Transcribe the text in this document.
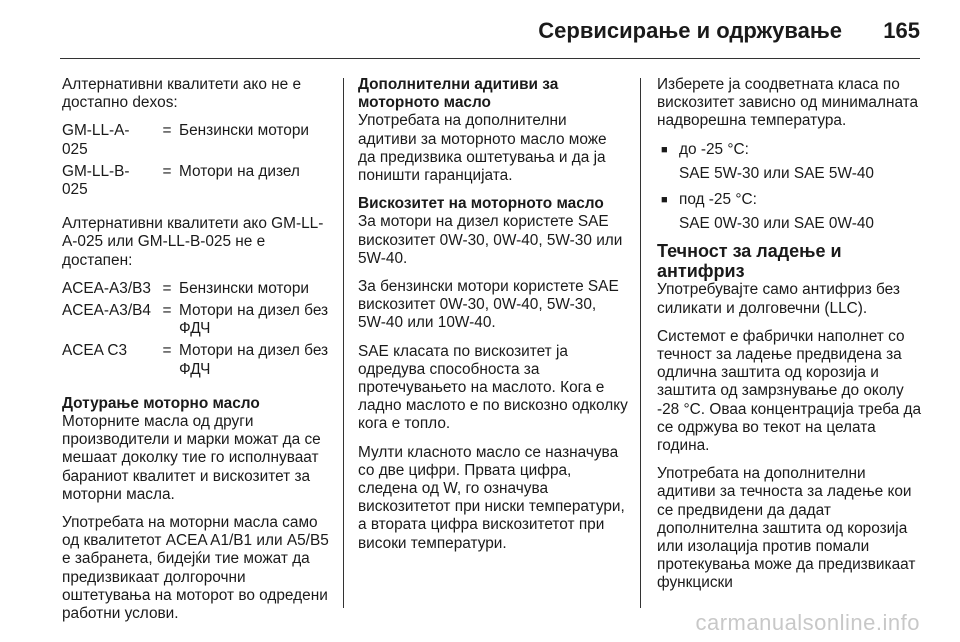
Сервисирање и одржување 165

Алтернативни квалитети ако не е достапно dexos:

GM-LL-A-025	=	Бензински мотори
GM-LL-B-025	=	Мотори на дизел

Алтернативни квалитети ако GM-LL-A-025 или GM-LL-B-025 не е достапен:

ACEA-A3/B3	=	Бензински мотори
ACEA-A3/B4	=	Мотори на дизел без ФДЧ
ACEA C3	=	Мотори на дизел без ФДЧ
Дотурање моторно масло

Моторните масла од други производители и марки можат да се мешаат доколку тие го исполнуваат бараниот квалитет и вискозитет за моторни масла.

Употребата на моторни масла само од квалитетот ACEA A1/B1 или A5/B5 е забранета, бидејќи тие можат да предизвикаат долгорочни оштетувања на моторот во одредени работни услови.

Дополнителни адитиви за моторното масло

Употребата на дополнителни адитиви за моторното масло може да предизвика оштетувања и да ја поништи гаранцијата.

Вискозитет на моторното масло

За мотори на дизел користете SAE вискозитет 0W-30, 0W-40, 5W-30 или 5W-40.

За бензински мотори користете SAE вискозитет 0W-30, 0W-40, 5W-30, 5W-40 или 10W-40.

SAE класата по вискозитет ја одредува способноста за протечувањето на маслото. Кога е ладно маслото е по вискозно одколку кога е топло.

Мулти класното масло се назначува со две цифри. Првата цифра, следена од W, го означува вискозитетот при ниски температури, а втората цифра вискозитетот при високи температури.

Изберете ја соодветната класа по вискозитет зависно од минималната надворешна температура.

■ до -25 °C:
SAE 5W-30 или SAE 5W-40
■ под -25 °C:
SAE 0W-30 или SAE 0W-40
Течност за ладење и антифриз

Употребувајте само антифриз без силикати и долговечни (LLC).

Системот е фабрички наполнет со течност за ладење предвидена за одлична заштита од корозија и заштита од замрзнување до околу -28 °C. Оваа концентрација треба да се одржува во текот на целата година.

Употребата на дополнителни адитиви за течноста за ладење кои се предвидени да дадат дополнителна заштита од корозија или изолација против помали протекувања може да предизвикаат функциски

carmanualsonline.info
